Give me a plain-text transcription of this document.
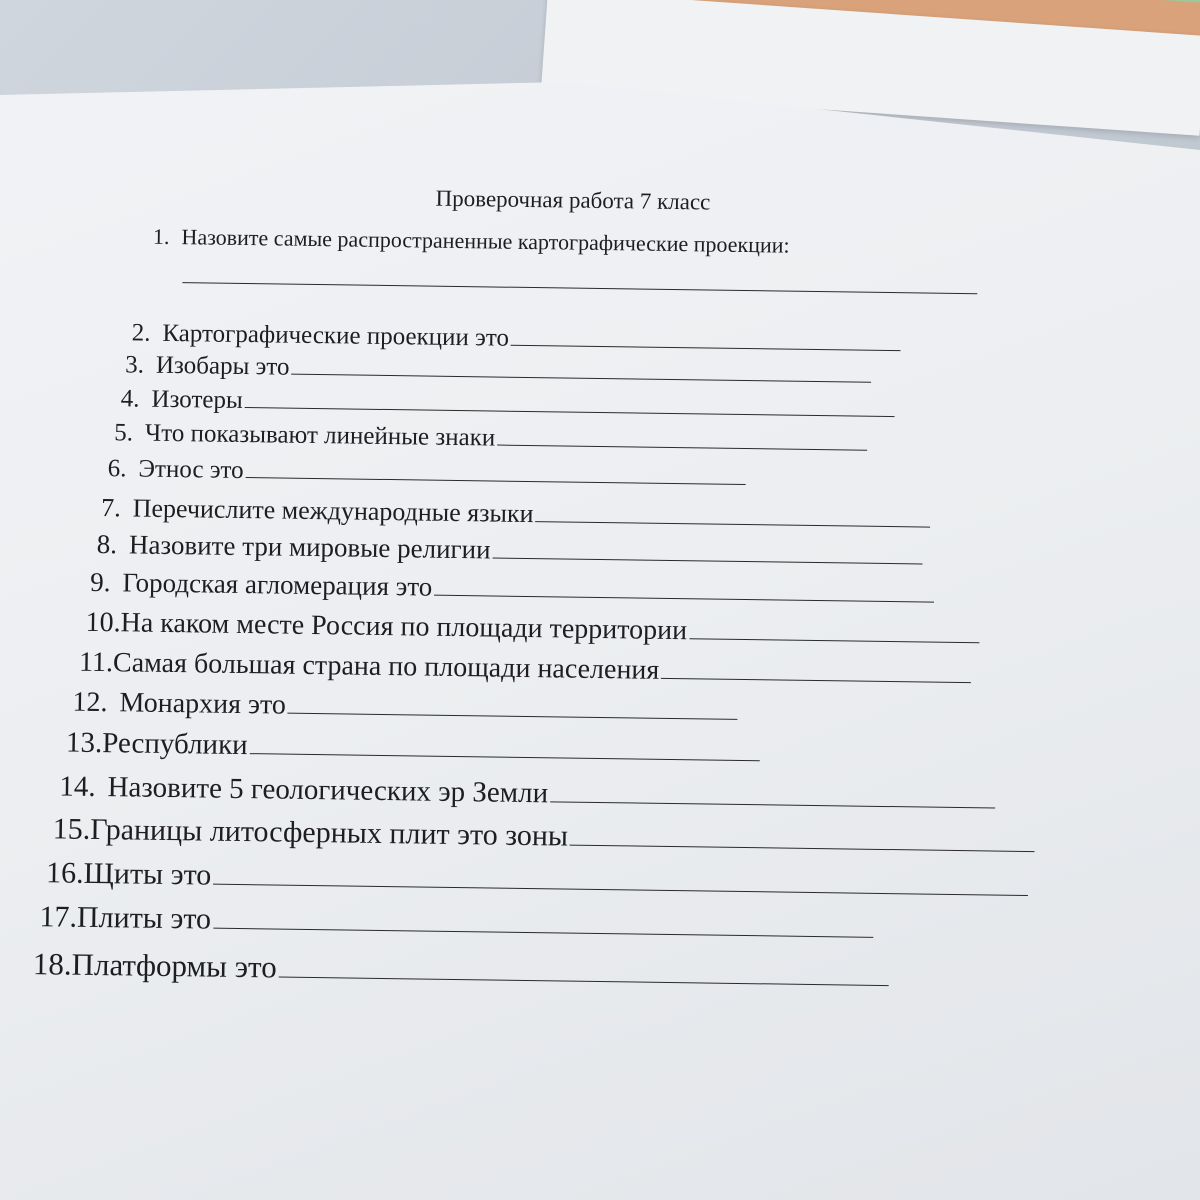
Проверочная работа 7 класс
1. Назовите самые распространенные картографические проекции:
2. Картографические проекции это
3. Изобары это
4. Изотеры
5. Что показывают линейные знаки
6. Этнос это
7. Перечислите международные языки
8. Назовите три мировые религии
9. Городская агломерация это
10. На каком месте Россия по площади территории
11. Самая большая страна по площади населения
12. Монархия это
13. Республики
14. Назовите 5 геологических эр Земли
15. Границы литосферных плит это зоны
16. Щиты это
17. Плиты это
18. Платформы это
